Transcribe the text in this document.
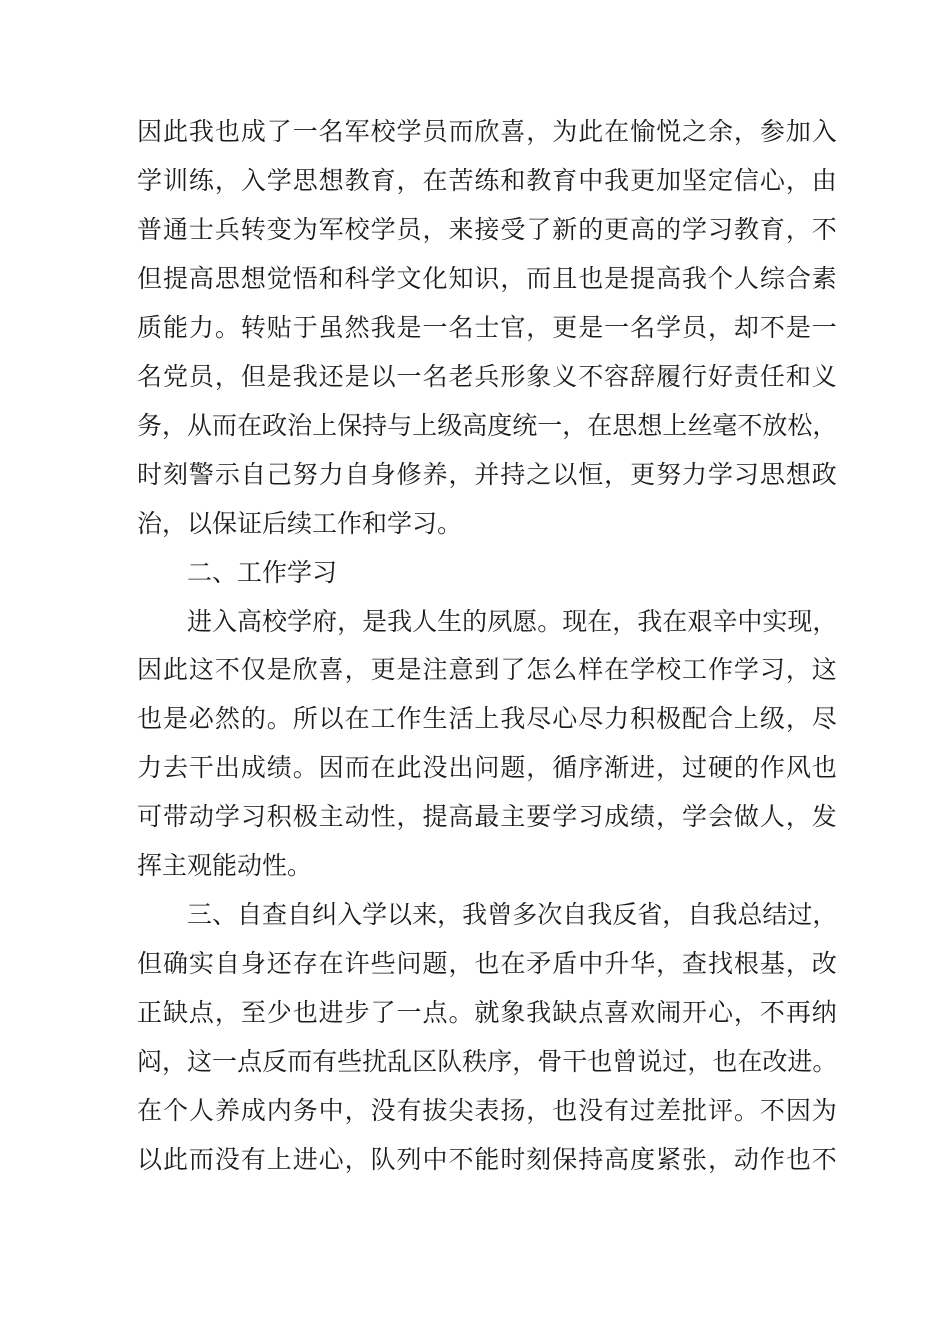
因 此 我 也 成 了 一 名 军 校 学 员 而 欣 喜 ， 为 此 在 愉 悦 之 余 ， 参 加 入
学 训 练 ， 入 学 思 想 教 育 ， 在 苦 练 和 教 育 中 我 更 加 坚 定 信 心 ， 由
普 通 士 兵 转 变 为 军 校 学 员 ， 来 接 受 了 新 的 更 高 的 学 习 教 育 ， 不
但 提 高 思 想 觉 悟 和 科 学 文 化 知 识 ， 而 且 也 是 提 高 我 个 人 综 合 素
质 能 力 。 转 贴 于 虽 然 我 是 一 名 士 官 ， 更 是 一 名 学 员 ， 却 不 是 一
名 党 员 ， 但 是 我 还 是 以 一 名 老 兵 形 象 义 不 容 辞 履 行 好 责 任 和 义
务 ， 从 而 在 政 治 上 保 持 与 上 级 高 度 统 一 ， 在 思 想 上 丝 毫 不 放 松 ，
时 刻 警 示 自 己 努 力 自 身 修 养 ， 并 持 之 以 恒 ， 更 努 力 学 习 思 想 政
治，以保证后续工作和学习。
二、工作学习
进 入 高 校 学 府 ， 是 我 人 生 的 夙 愿 。 现 在 ， 我 在 艰 辛 中 实 现 ，
因 此 这 不 仅 是 欣 喜 ， 更 是 注 意 到 了 怎 么 样 在 学 校 工 作 学 习 ， 这
也 是 必 然 的 。 所 以 在 工 作 生 活 上 我 尽 心 尽 力 积 极 配 合 上 级 ， 尽
力 去 干 出 成 绩 。 因 而 在 此 没 出 问 题 ， 循 序 渐 进 ， 过 硬 的 作 风 也
可 带 动 学 习 积 极 主 动 性 ， 提 高 最 主 要 学 习 成 绩 ， 学 会 做 人 ， 发
挥主观能动性。
三 、 自 查 自 纠 入 学 以 来 ， 我 曾 多 次 自 我 反 省 ， 自 我 总 结 过 ，
但 确 实 自 身 还 存 在 许 些 问 题 ， 也 在 矛 盾 中 升 华 ， 查 找 根 基 ， 改
正 缺 点 ， 至 少 也 进 步 了 一 点 。 就 象 我 缺 点 喜 欢 闹 开 心 ， 不 再 纳
闷 ， 这 一 点 反 而 有 些 扰 乱 区 队 秩 序 ， 骨 干 也 曾 说 过 ， 也 在 改 进 。
在 个 人 养 成 内 务 中 ， 没 有 拔 尖 表 扬 ， 也 没 有 过 差 批 评 。 不 因 为
以 此 而 没 有 上 进 心 ， 队 列 中 不 能 时 刻 保 持 高 度 紧 张 ， 动 作 也 不
